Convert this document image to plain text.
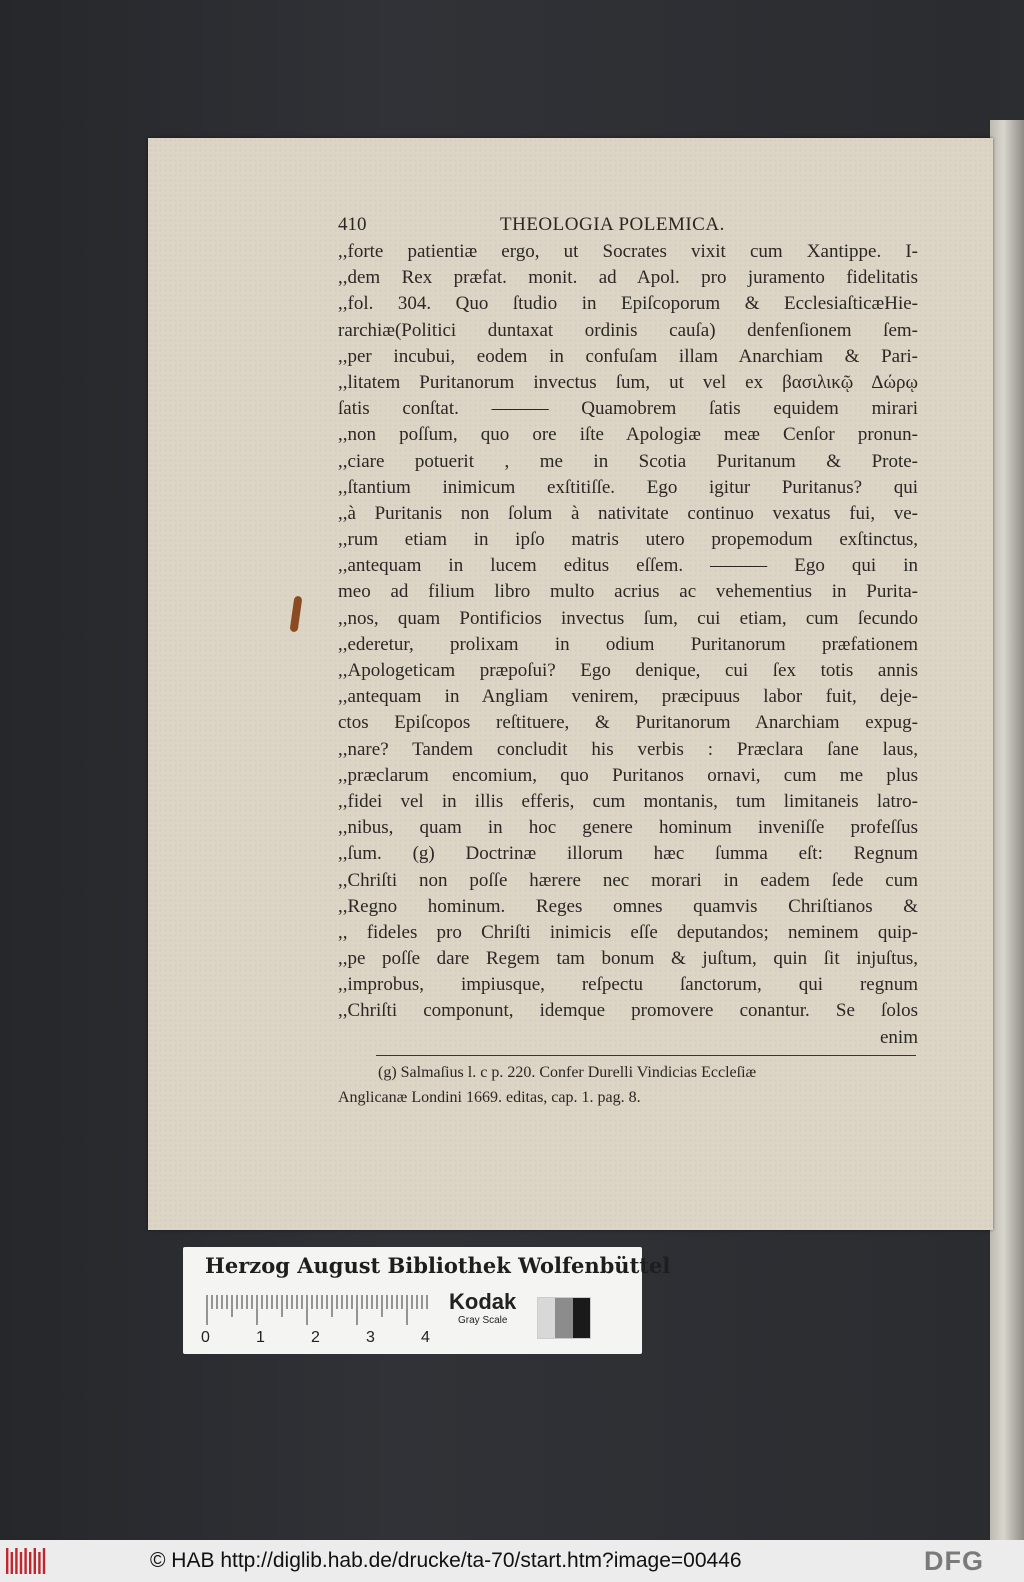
410	THEOLOGIA POLEMICA.
,,forte patientiæ ergo, ut Socrates vixit cum Xantippe. I-
,,dem Rex præfat. monit. ad Apol. pro juramento fidelitatis
,,fol. 304. Quo ſtudio in Epiſcoporum & EcclesiaſticæHie-
rarchiæ(Politici duntaxat ordinis cauſa) denfenſionem ſem-
,,per incubui, eodem in confuſam illam Anarchiam & Pari-
,,litatem Puritanorum invectus ſum, ut vel ex βασιλικῷ Δώρῳ
ſatis conſtat. ——— Quamobrem ſatis equidem mirari
,,non poſſum, quo ore iſte Apologiæ meæ Cenſor pronun-
,,ciare potuerit , me in Scotia Puritanum & Prote-
,,ſtantium inimicum exſtitiſſe. Ego igitur Puritanus? qui
,,à Puritanis non ſolum à nativitate continuo vexatus fui, ve-
,,rum etiam in ipſo matris utero propemodum exſtinctus,
,,antequam in lucem editus eſſem. ——— Ego qui in
meo ad filium libro multo acrius ac vehementius in Purita-
,,nos, quam Pontificios invectus ſum, cui etiam, cum ſecundo
,,ederetur, prolixam in odium Puritanorum præfationem
,,Apologeticam præpoſui? Ego denique, cui ſex totis annis
,,antequam in Angliam venirem, præcipuus labor fuit, deje-
ctos Epiſcopos reſtituere, & Puritanorum Anarchiam expug-
,,nare? Tandem concludit his verbis : Præclara ſane laus,
,,præclarum encomium, quo Puritanos ornavi, cum me plus
,,fidei vel in illis efferis, cum montanis, tum limitaneis latro-
,,nibus, quam in hoc genere hominum inveniſſe profeſſus
,,ſum. (g) Doctrinæ illorum hæc ſumma eſt: Regnum
,,Chriſti non poſſe hærere nec morari in eadem ſede cum
,,Regno hominum. Reges omnes quamvis Chriſtianos &
,, fideles pro Chriſti inimicis eſſe deputandos; neminem quip-
,,pe poſſe dare Regem tam bonum & juſtum, quin ſit injuſtus,
,,improbus, impiusque, reſpectu ſanctorum, qui regnum
,,Chriſti componunt, idemque promovere conantur. Se ſolos
enim
(g) Salmaſius l. c p. 220. Confer Durelli Vindicias Eccleſiæ
Anglicanæ Londini 1669. editas, cap. 1. pag. 8.
Herzog August Bibliothek Wolfenbüttel
0	1	2	3	4
Kodak
Gray Scale
© HAB http://diglib.hab.de/drucke/ta-70/start.htm?image=00446	DFG
